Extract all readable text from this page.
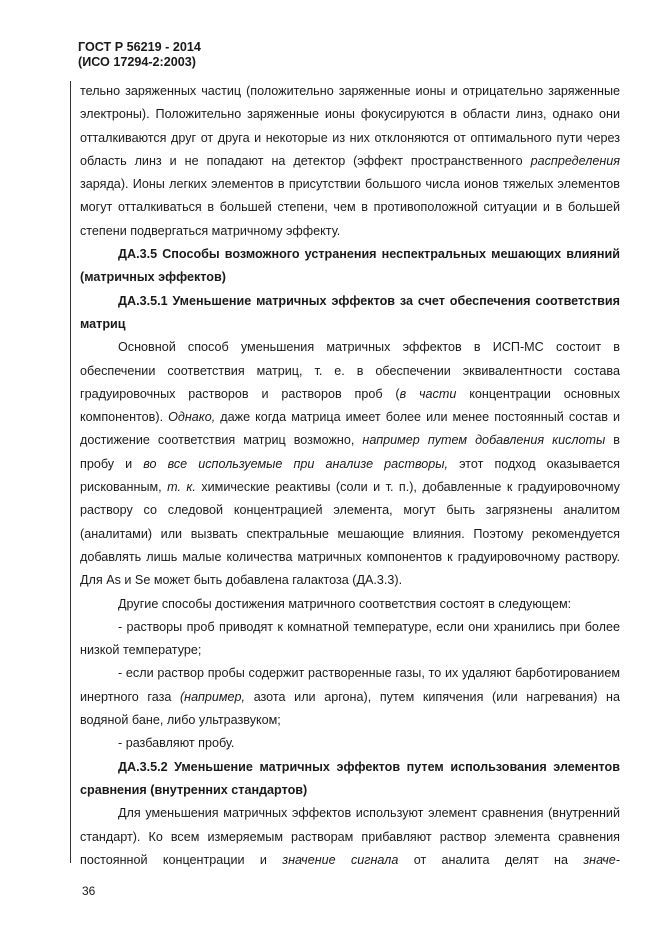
ГОСТ Р 56219 - 2014
(ИСО 17294-2:2003)

тельно заряженных частиц (положительно заряженные ионы и отрицательно заряженные электроны). Положительно заряженные ионы фокусируются в области линз, однако они отталкиваются друг от друга и некоторые из них отклоняются от оптимального пути через область линз и не попадают на детектор (эффект пространственного распределения заряда). Ионы легких элементов в присутствии большого числа ионов тяжелых элементов могут отталкиваться в большей степени, чем в противоположной ситуации и в большей степени подвергаться матричному эффекту.

ДА.3.5 Способы возможного устранения неспектральных мешающих влияний (матричных эффектов)

ДА.3.5.1 Уменьшение матричных эффектов за счет обеспечения соответствия матриц

Основной способ уменьшения матричных эффектов в ИСП-МС состоит в обеспечении соответствия матриц, т. е. в обеспечении эквивалентности состава градуировочных растворов и растворов проб (в части концентрации основных компонентов). Однако, даже когда матрица имеет более или менее постоянный состав и достижение соответствия матриц возможно, например путем добавления кислоты в пробу и во все используемые при анализе растворы, этот подход оказывается рискованным, т. к. химические реактивы (соли и т. п.), добавленные к градуировочному раствору со следовой концентрацией элемента, могут быть загрязнены аналитом (аналитами) или вызвать спектральные мешающие влияния. Поэтому рекомендуется добавлять лишь малые количества матричных компонентов к градуировочному раствору. Для As и Se может быть добавлена галактоза (ДА.3.3).

Другие способы достижения матричного соответствия состоят в следующем:

- растворы проб приводят к комнатной температуре, если они хранились при более низкой температуре;

- если раствор пробы содержит растворенные газы, то их удаляют барботированием инертного газа (например, азота или аргона), путем кипячения (или нагревания) на водяной бане, либо ультразвуком;

- разбавляют пробу.

ДА.3.5.2 Уменьшение матричных эффектов путем использования элементов сравнения (внутренних стандартов)

Для уменьшения матричных эффектов используют элемент сравнения (внутренний стандарт). Ко всем измеряемым растворам прибавляют раствор элемента сравнения постоянной концентрации и значение сигнала от аналита делят на значе-

36
